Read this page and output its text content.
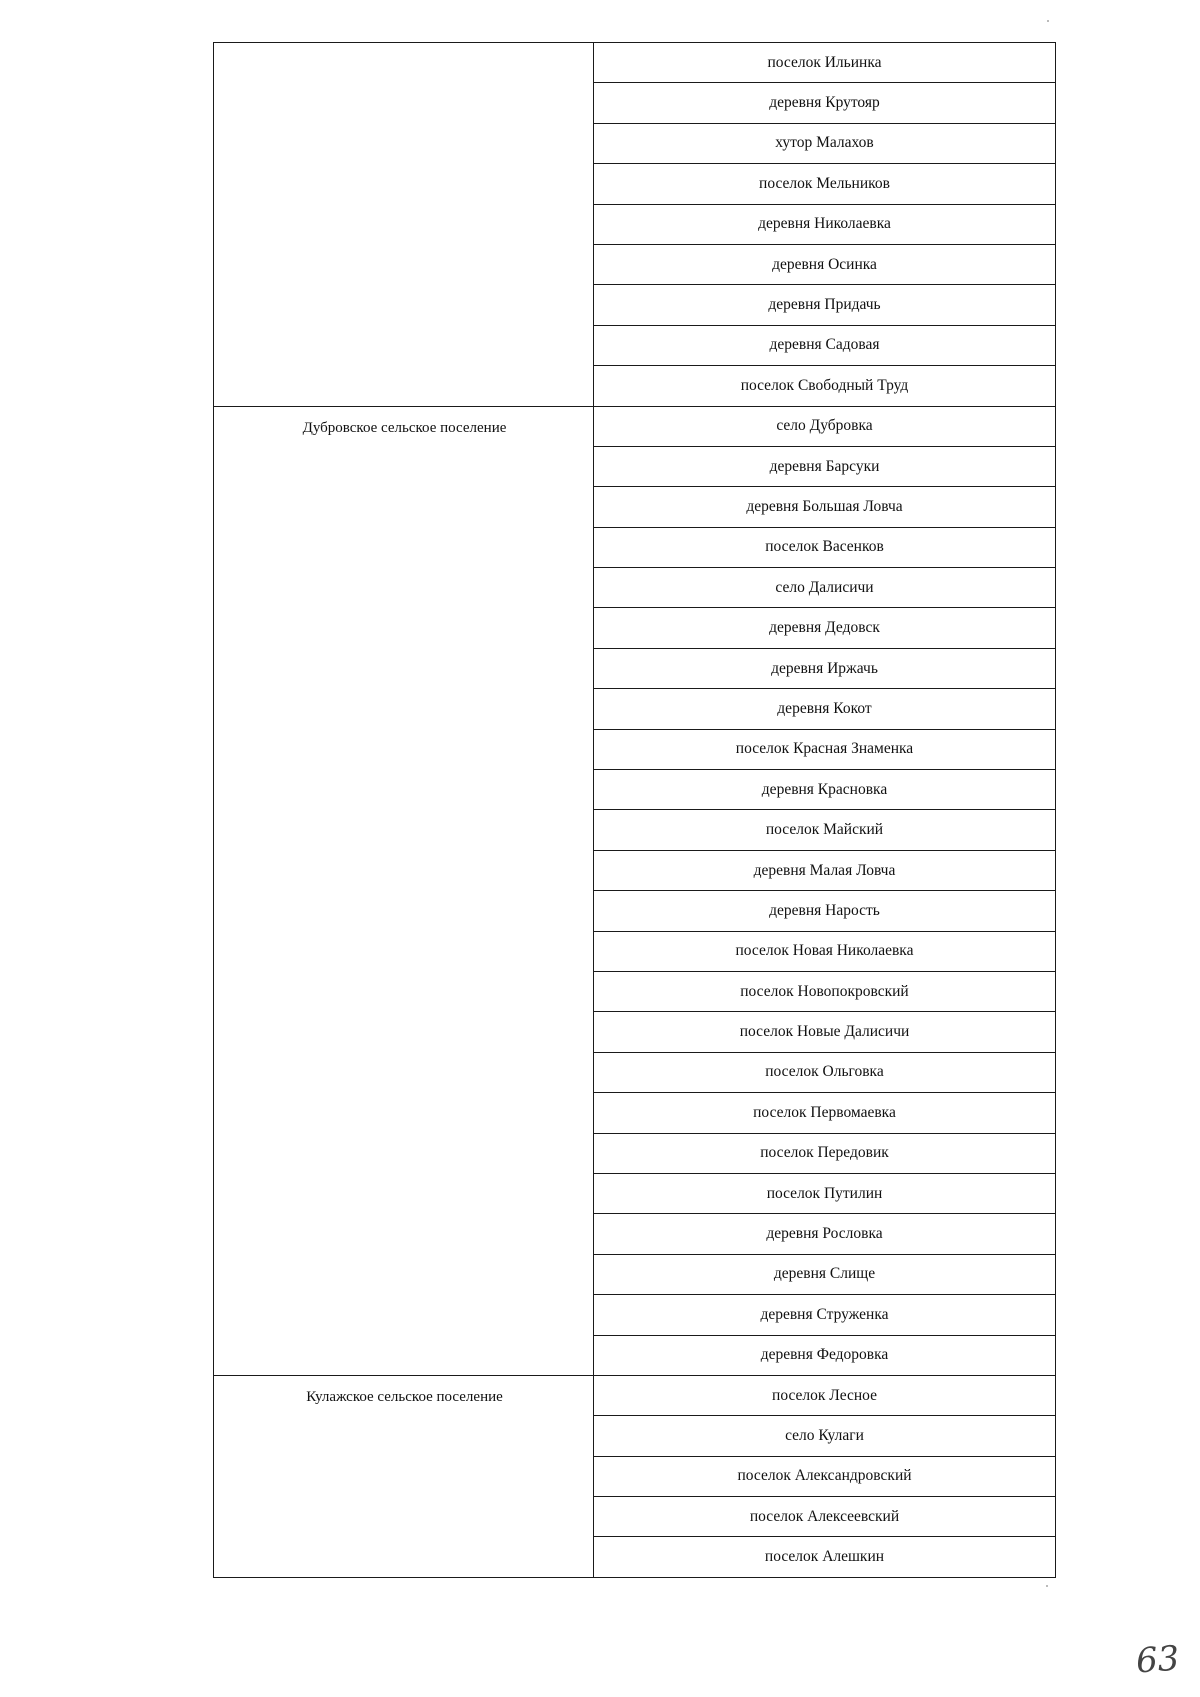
	поселок Ильинка
	деревня Крутояр
	хутор Малахов
	поселок Мельников
	деревня Николаевка
	деревня Осинка
	деревня Придачь
	деревня Садовая
	поселок Свободный Труд
Дубровское сельское поселение	село Дубровка
	деревня Барсуки
	деревня Большая Ловча
	поселок Васенков
	село Далисичи
	деревня Дедовск
	деревня Иржачь
	деревня Кокот
	поселок Красная Знаменка
	деревня Красновка
	поселок Майский
	деревня Малая Ловча
	деревня Нарость
	поселок Новая Николаевка
	поселок Новопокровский
	поселок Новые Далисичи
	поселок Ольговка
	поселок Первомаевка
	поселок Передовик
	поселок Путилин
	деревня Рословка
	деревня Слище
	деревня Струженка
	деревня Федоровка
Кулажское сельское поселение	поселок Лесное
	село Кулаги
	поселок Александровский
	поселок Алексеевский
	поселок Алешкин
63
